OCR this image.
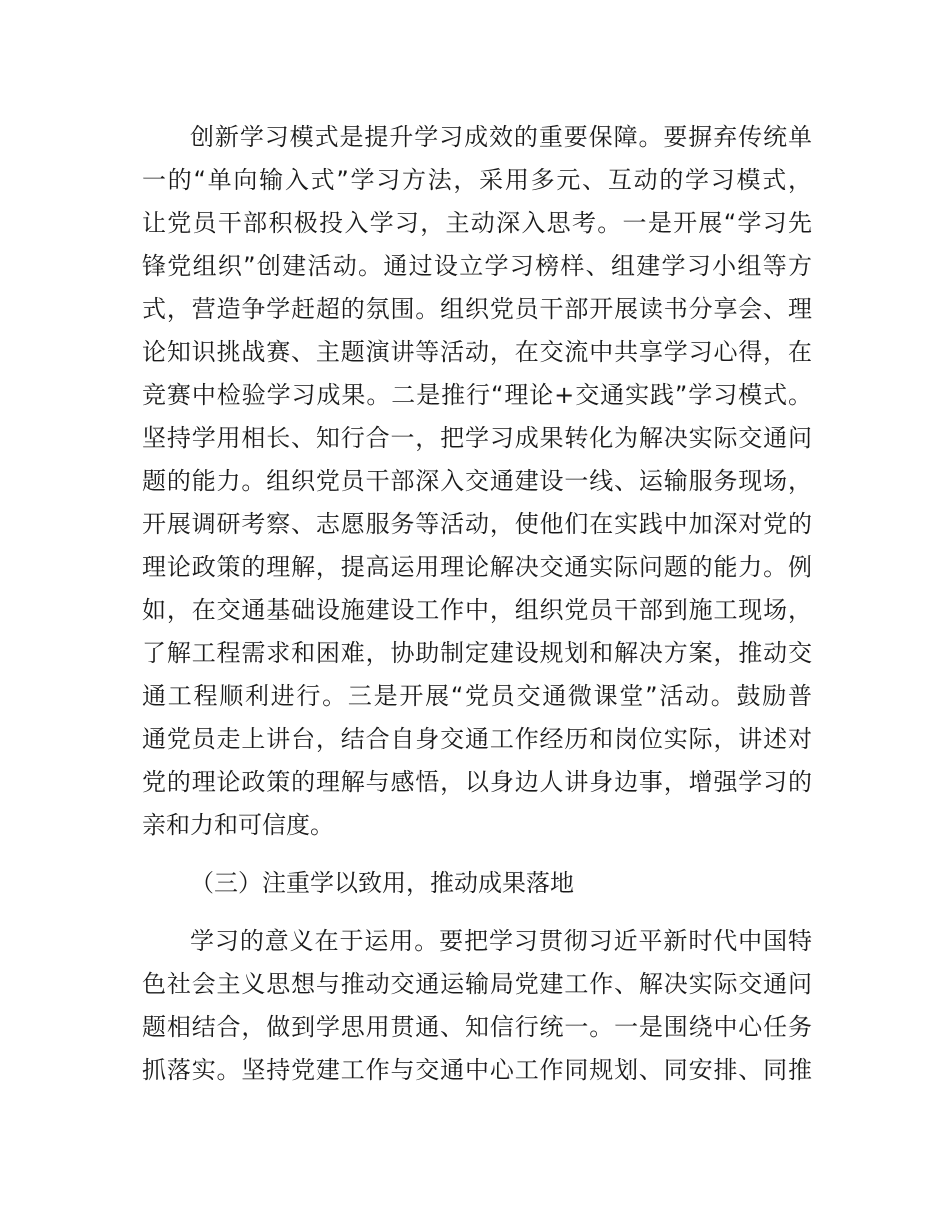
创新学习模式是提升学习成效的重要保障。要摒弃传统单

一的“单向输入式”学习方法，采用多元、互动的学习模式，

让党员干部积极投入学习，主动深入思考。一是开展“学习先

锋党组织”创建活动。通过设立学习榜样、组建学习小组等方

式，营造争学赶超的氛围。组织党员干部开展读书分享会、理

论知识挑战赛、主题演讲等活动，在交流中共享学习心得，在

竞赛中检验学习成果。二是推行“理论+交通实践”学习模式。

坚持学用相长、知行合一，把学习成果转化为解决实际交通问

题的能力。组织党员干部深入交通建设一线、运输服务现场，

开展调研考察、志愿服务等活动，使他们在实践中加深对党的

理论政策的理解，提高运用理论解决交通实际问题的能力。例

如，在交通基础设施建设工作中，组织党员干部到施工现场，

了解工程需求和困难，协助制定建设规划和解决方案，推动交

通工程顺利进行。三是开展“党员交通微课堂”活动。鼓励普

通党员走上讲台，结合自身交通工作经历和岗位实际，讲述对

党的理论政策的理解与感悟，以身边人讲身边事，增强学习的

亲和力和可信度。

（三）注重学以致用，推动成果落地

学习的意义在于运用。要把学习贯彻习近平新时代中国特

色社会主义思想与推动交通运输局党建工作、解决实际交通问

题相结合，做到学思用贯通、知信行统一。一是围绕中心任务

抓落实。坚持党建工作与交通中心工作同规划、同安排、同推
